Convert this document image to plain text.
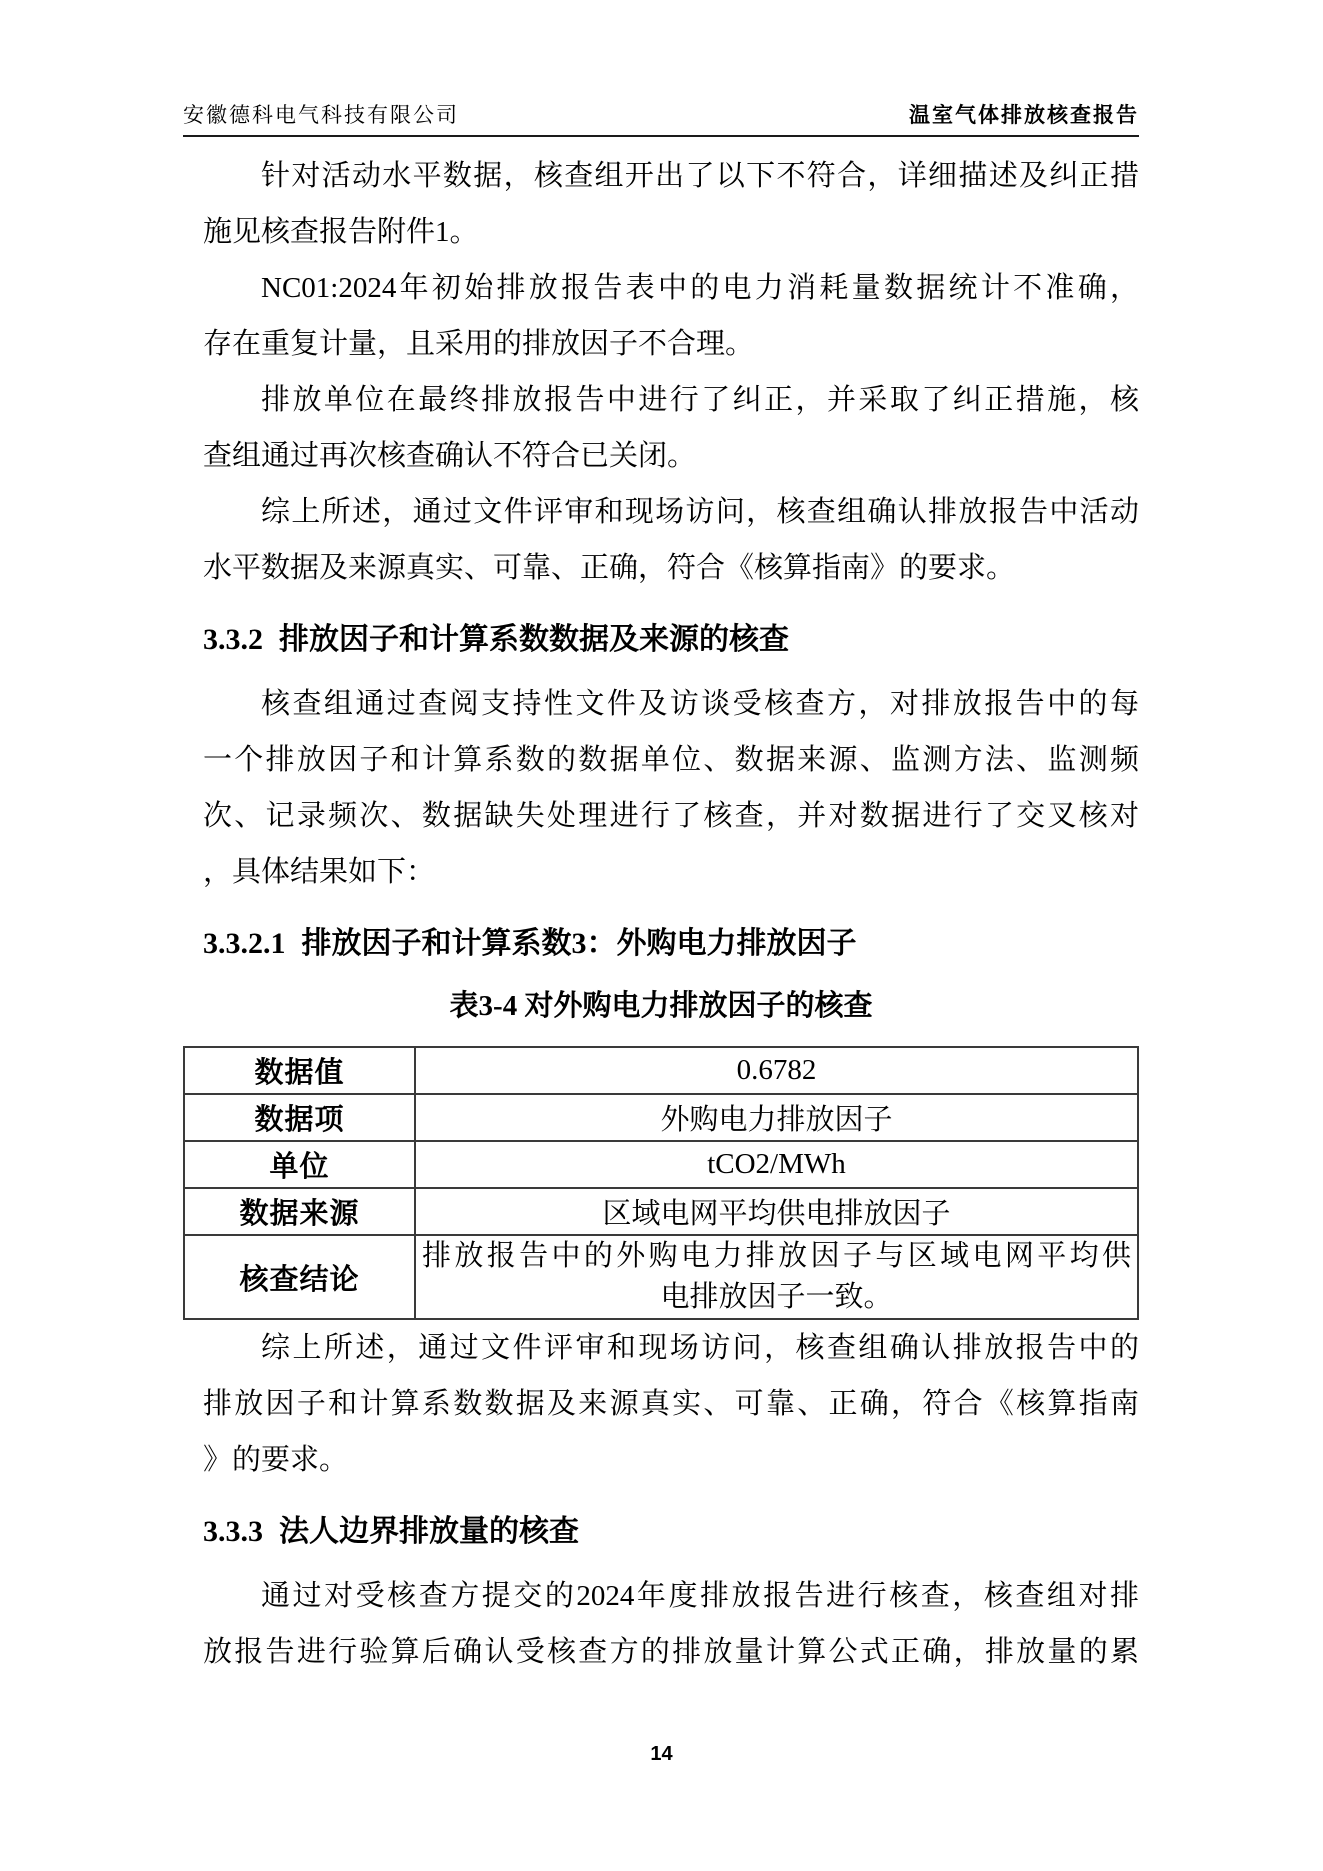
安徽德科电气科技有限公司	温室气体排放核查报告
针对活动水平数据，核查组开出了以下不符合，详细描述及纠正措
施见核查报告附件1。
NC01:2024年初始排放报告表中的电力消耗量数据统计不准确，
存在重复计量，且采用的排放因子不合理。
排放单位在最终排放报告中进行了纠正，并采取了纠正措施，核
查组通过再次核查确认不符合已关闭。
综上所述，通过文件评审和现场访问，核查组确认排放报告中活动
水平数据及来源真实、可靠、正确，符合《核算指南》的要求。
3.3.2 排放因子和计算系数数据及来源的核查
核查组通过查阅支持性文件及访谈受核查方，对排放报告中的每
一个排放因子和计算系数的数据单位、数据来源、监测方法、监测频
次、记录频次、数据缺失处理进行了核查，并对数据进行了交叉核对
，具体结果如下：
3.3.2.1 排放因子和计算系数3：外购电力排放因子
表3-4 对外购电力排放因子的核查
数据值	0.6782
数据项	外购电力排放因子
单位	tCO2/MWh
数据来源	区域电网平均供电排放因子
核查结论	排放报告中的外购电力排放因子与区域电网平均供
电排放因子一致。
综上所述，通过文件评审和现场访问，核查组确认排放报告中的
排放因子和计算系数数据及来源真实、可靠、正确，符合《核算指南
》的要求。
3.3.3 法人边界排放量的核查
通过对受核查方提交的2024年度排放报告进行核查，核查组对排
放报告进行验算后确认受核查方的排放量计算公式正确，排放量的累
14
